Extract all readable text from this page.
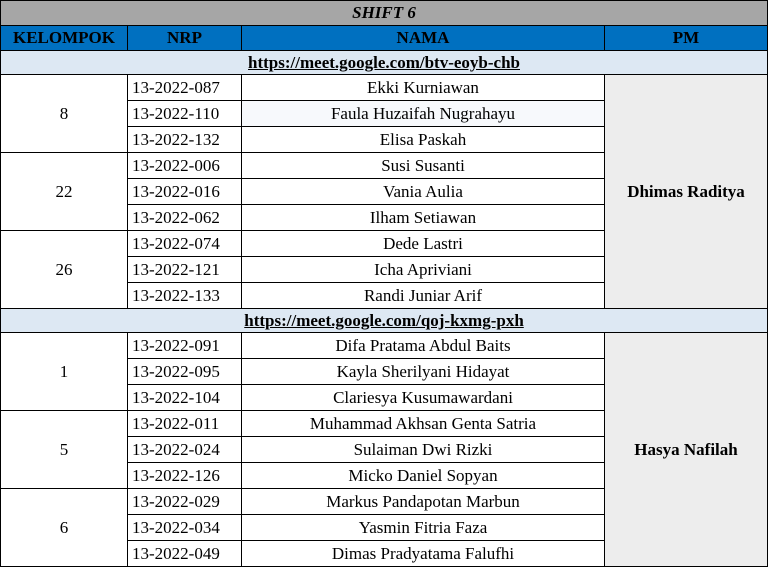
SHIFT 6			
KELOMPOK	NRP	NAMA	PM
https://meet.google.com/btv-eoyb-chb			
8	13-2022-087	Ekki Kurniawan	Dhimas Raditya
	13-2022-110	Faula Huzaifah Nugrahayu	
	13-2022-132	Elisa Paskah	
22	13-2022-006	Susi Susanti	
	13-2022-016	Vania Aulia	
	13-2022-062	Ilham Setiawan	
26	13-2022-074	Dede Lastri	
	13-2022-121	Icha Apriviani	
	13-2022-133	Randi Juniar Arif	
https://meet.google.com/qoj-kxmg-pxh			
1	13-2022-091	Difa Pratama Abdul Baits	Hasya Nafilah
	13-2022-095	Kayla Sherilyani Hidayat	
	13-2022-104	Clariesya Kusumawardani	
5	13-2022-011	Muhammad Akhsan Genta Satria	
	13-2022-024	Sulaiman Dwi Rizki	
	13-2022-126	Micko Daniel Sopyan	
6	13-2022-029	Markus Pandapotan Marbun	
	13-2022-034	Yasmin Fitria Faza	
	13-2022-049	Dimas Pradyatama Falufhi	
